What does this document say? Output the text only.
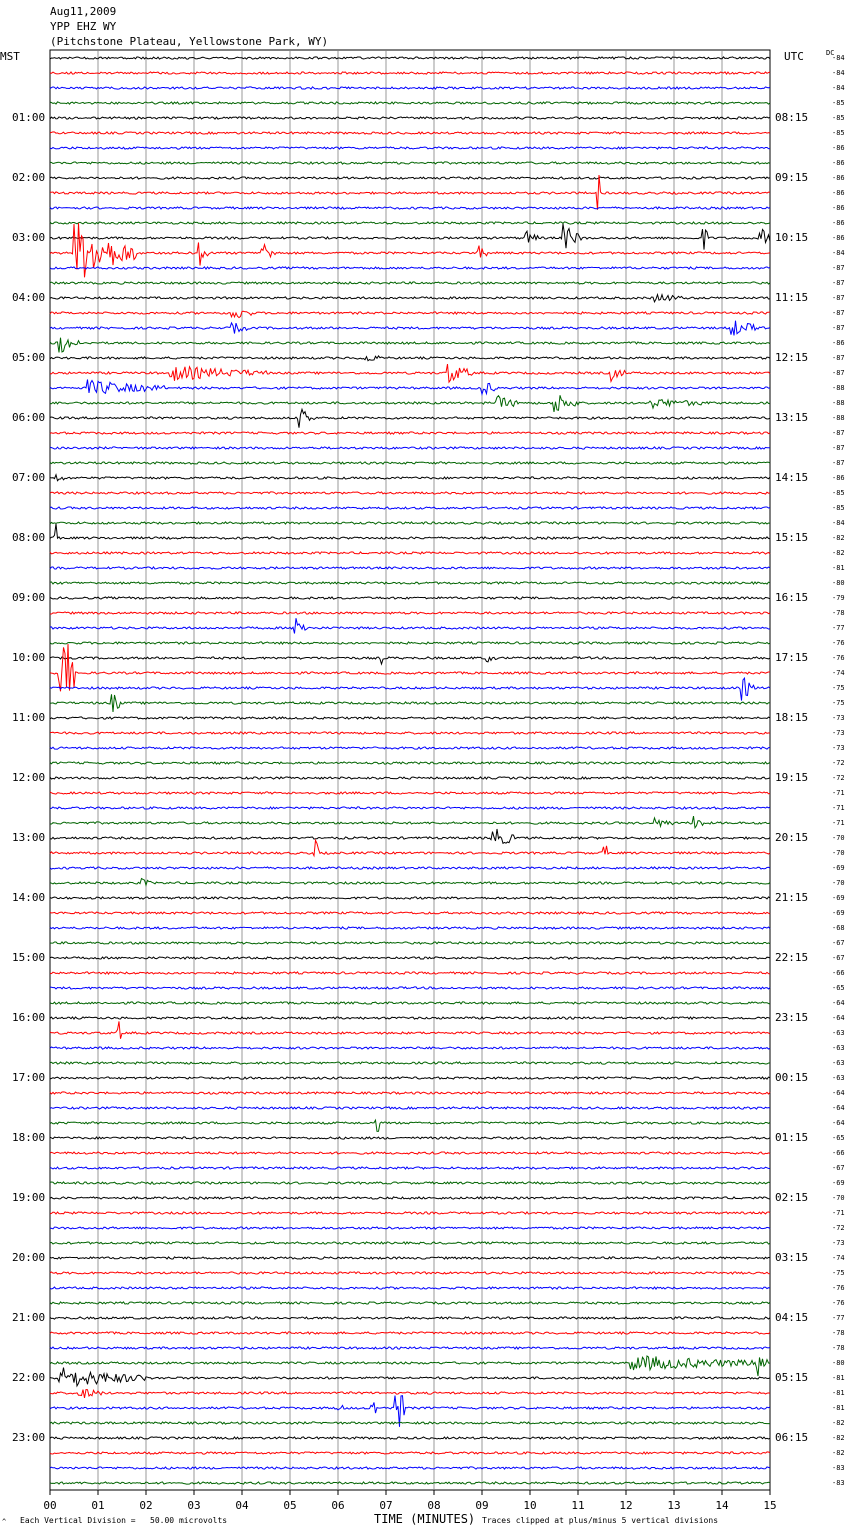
Aug11,2009
YPP EHZ WY
(Pitchstone Plateau, Yellowstone Park, WY)
MST	UTC	DC
01:00	08:15
02:00	09:15
03:00	10:15
04:00	11:15
05:00	12:15
06:00	13:15
07:00	14:15
08:00	15:15
09:00	16:15
10:00	17:15
11:00	18:15
12:00	19:15
13:00	20:15
14:00	21:15
15:00	22:15
16:00	23:15
17:00	00:15
18:00	01:15
19:00	02:15
20:00	03:15
21:00	04:15
22:00	05:15
23:00	06:15
-84
-84
-84
-85
-85
-85
-86
-86
-86
-86
-86
-86
-86
-84
-87
-87
-87
-87
-87
-86
-87
-87
-88
-88
-88
-87
-87
-87
-86
-85
-85
-84
-82
-82
-81
-80
-79
-78
-77
-76
-76
-74
-75
-75
-73
-73
-73
-72
-72
-71
-71
-71
-70
-70
-69
-70
-69
-69
-68
-67
-67
-66
-65
-64
-64
-63
-63
-63
-63
-64
-64
-64
-65
-66
-67
-69
-70
-71
-72
-73
-74
-75
-76
-76
-77
-78
-78
-80
-81
-81
-81
-82
-82
-82
-83
-83
00	01	02	03	04	05	06	07	08	09	10	11	12	13	14	15
TIME (MINUTES)
^ Each Vertical Division =   50.00 microvolts	Traces clipped at plus/minus 5 vertical divisions
